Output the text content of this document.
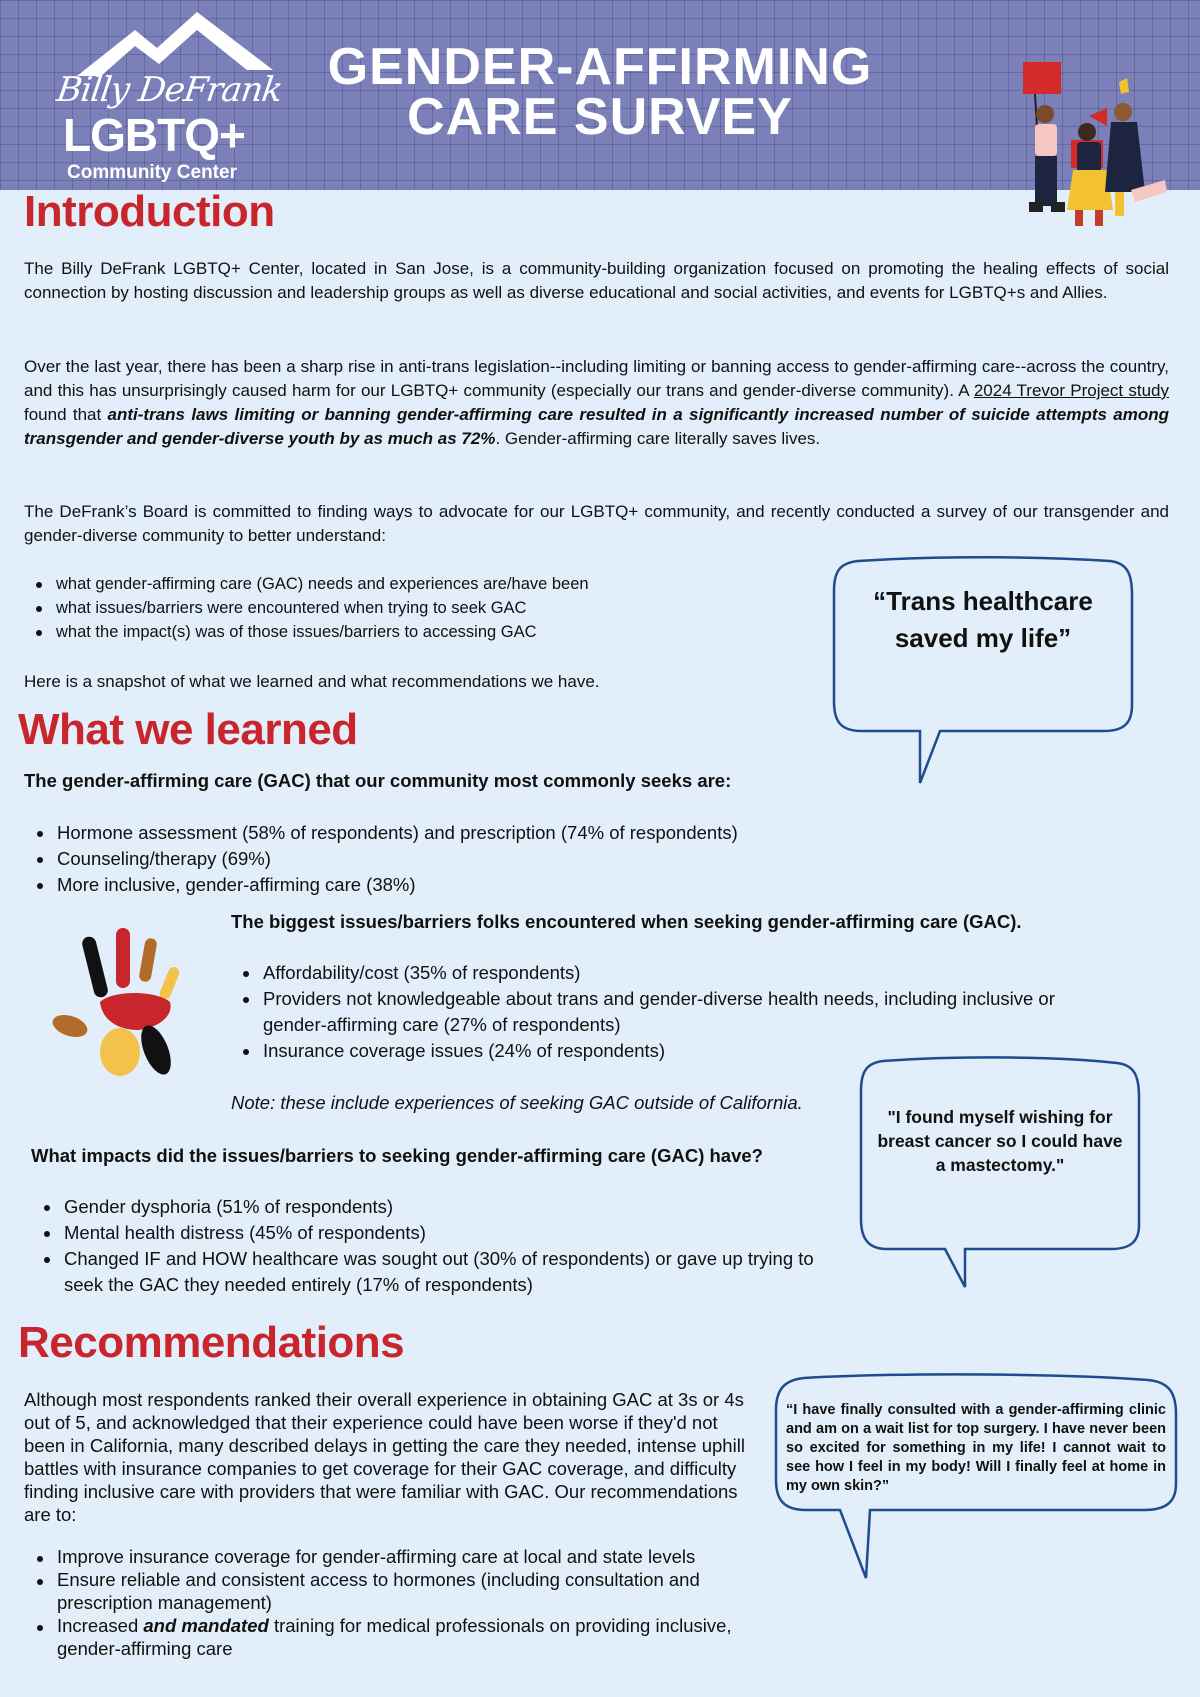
Billy DeFrank
LGBTQ+
Community Center
GENDER-AFFIRMING
CARE SURVEY
Introduction
The Billy DeFrank LGBTQ+ Center, located in San Jose, is a community-building organization focused on promoting the healing effects of social connection by hosting discussion and leadership groups as well as diverse educational and social activities, and events for LGBTQ+s and Allies.
Over the last year, there has been a sharp rise in anti-trans legislation--including limiting or banning access to gender-affirming care--across the country, and this has unsurprisingly caused harm for our LGBTQ+ community (especially our trans and gender-diverse community). A 2024 Trevor Project study found that anti-trans laws limiting or banning gender-affirming care resulted in a significantly increased number of suicide attempts among transgender and gender-diverse youth by as much as 72%. Gender-affirming care literally saves lives.
The DeFrank’s Board is committed to finding ways to advocate for our LGBTQ+ community, and recently conducted a survey of our transgender and gender-diverse community to better understand:
what gender-affirming care (GAC) needs and experiences are/have been
what issues/barriers were encountered when trying to seek GAC
what the impact(s) was of those issues/barriers to accessing GAC
Here is a snapshot of what we learned and what recommendations we have.
“Trans healthcare saved my life”
What we learned
The gender-affirming care (GAC) that our community most commonly seeks are:
Hormone assessment (58% of respondents) and prescription (74% of respondents)
Counseling/therapy (69%)
More inclusive, gender-affirming care (38%)
The biggest issues/barriers folks encountered when seeking gender-affirming care (GAC).
Affordability/cost (35% of respondents)
Providers not knowledgeable about trans and gender-diverse health needs, including inclusive or gender-affirming care (27% of respondents)
Insurance coverage issues (24% of respondents)
Note: these include experiences of seeking GAC outside of California.
"I found myself wishing for breast cancer so I could have a mastectomy."
What impacts did the issues/barriers to seeking gender-affirming care (GAC) have?
Gender dysphoria (51% of respondents)
Mental health distress (45% of respondents)
Changed IF and HOW healthcare was sought out (30% of respondents) or gave up trying to seek the GAC they needed entirely (17% of respondents)
Recommendations
Although most respondents ranked their overall experience in obtaining GAC at 3s or 4s out of 5, and acknowledged that their experience could have been worse if they'd not been in California, many described delays in getting the care they needed, intense uphill battles with insurance companies to get coverage for their GAC coverage, and difficulty finding inclusive care with providers that were familiar with GAC. Our recommendations are to:
Improve insurance coverage for gender-affirming care at local and state levels
Ensure reliable and consistent access to hormones (including consultation and prescription management)
Increased and mandated training for medical professionals on providing inclusive, gender-affirming care
“I have finally consulted with a gender-affirming clinic and am on a wait list for top surgery. I have never been so excited for something in my life! I cannot wait to see how I feel in my body! Will I finally feel at home in my own skin?”
